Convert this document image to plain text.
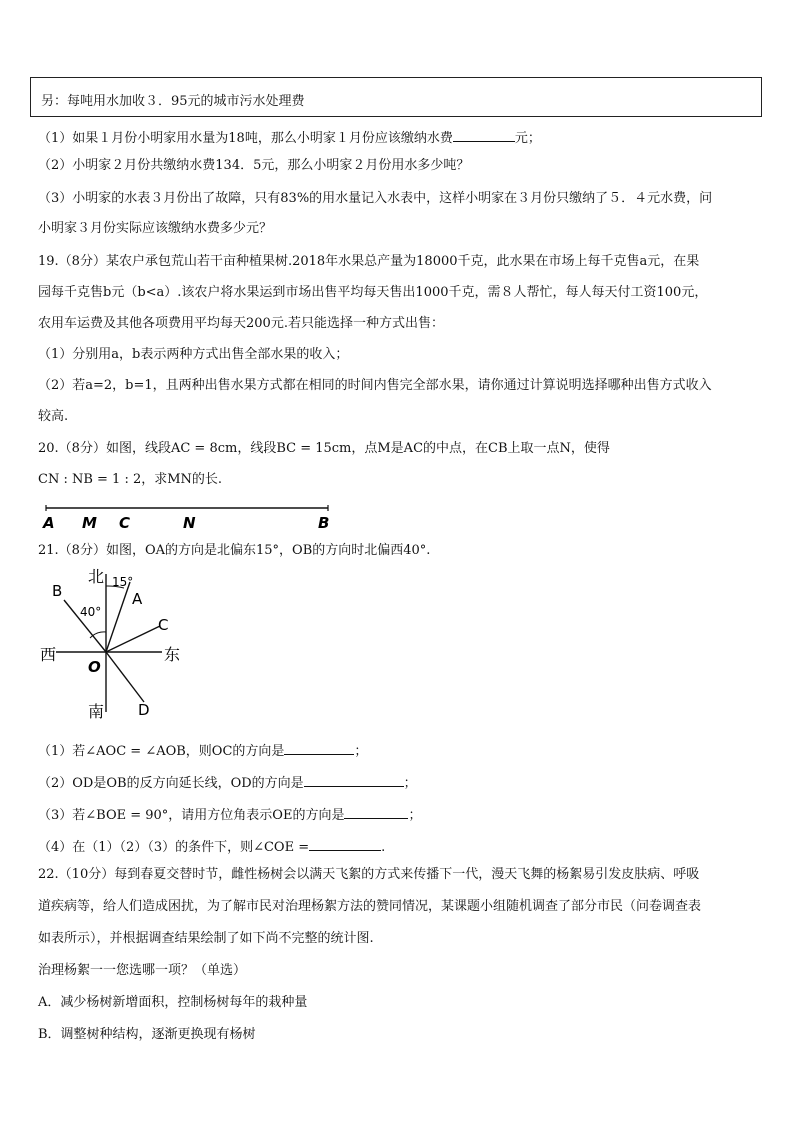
另：每吨用水加收３．95元的城市污水处理费
（1）如果１月份小明家用水量为18吨，那么小明家１月份应该缴纳水费	元；
（2）小明家２月份共缴纳水费134．5元，那么小明家２月份用水多少吨？
（3）小明家的水表３月份出了故障，只有83%的用水量记入水表中，这样小明家在３月份只缴纳了５．４元水费，问
小明家３月份实际应该缴纳水费多少元？
19.（8分）某农户承包荒山若干亩种植果树.2018年水果总产量为18000千克，此水果在市场上每千克售a元，在果
园每千克售b元（b<a）.该农户将水果运到市场出售平均每天售出1000千克，需８人帮忙，每人每天付工资100元，
农用车运费及其他各项费用平均每天200元.若只能选择一种方式出售：
（1）分别用a，b表示两种方式出售全部水果的收入；
（2）若a=2，b=1，且两种出售水果方式都在相同的时间内售完全部水果，请你通过计算说明选择哪种出售方式收入
较高.
20.（8分）如图，线段AC = 8cm，线段BC = 15cm，点M是AC的中点，在CB上取一点N，使得
CN : NB = 1 : 2，求MN的长.
A M C	N	B
21.（8分）如图，OA的方向是北偏东15°，OB的方向时北偏西40°.
北 15°
B	A
40°
C
西	东
O
南 D
（1）若∠AOC = ∠AOB，则OC的方向是	；
（2）OD是OB的反方向延长线，OD的方向是	；
（3）若∠BOE = 90°，请用方位角表示OE的方向是	；
（4）在（1）（2）（3）的条件下，则∠COE =	.
22.（10分）每到春夏交替时节，雌性杨树会以满天飞絮的方式来传播下一代，漫天飞舞的杨絮易引发皮肤病、呼吸
道疾病等，给人们造成困扰，为了解市民对治理杨絮方法的赞同情况，某课题小组随机调查了部分市民（问卷调查表
如表所示），并根据调查结果绘制了如下尚不完整的统计图.
治理杨絮一一您选哪一项？（单选）
A．减少杨树新增面积，控制杨树每年的栽种量
B．调整树种结构，逐渐更换现有杨树
